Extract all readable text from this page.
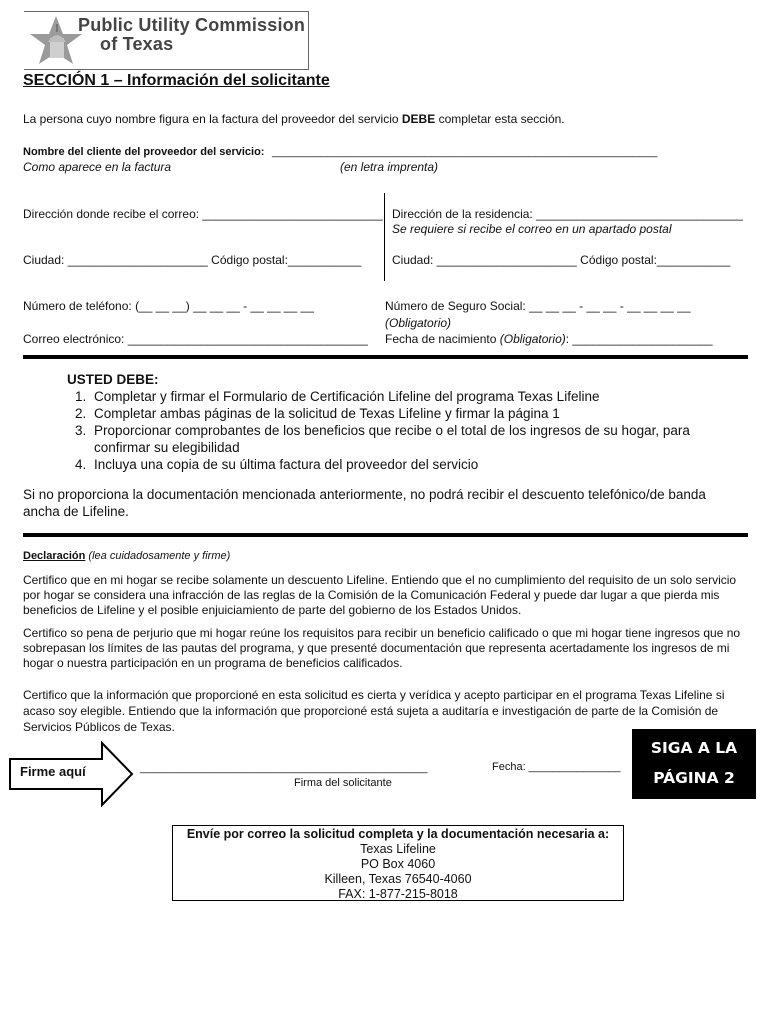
Public Utility Commission
of Texas
SECCIÓN 1 – Información del solicitante
La persona cuyo nombre figura en la factura del proveedor del servicio DEBE completar esta sección.
Nombre del cliente del proveedor del servicio: _______________________________________________________________
Como aparece en la factura	(en letra imprenta)
Dirección donde recibe el correo: ___________________________ Dirección de la residencia: _______________________________
Se requiere si recibe el correo en un apartado postal
Ciudad: _____________________ Código postal:___________	Ciudad: _____________________ Código postal:___________
Número de teléfono: (__ __ __) __ __ __ - __ __ __ __	Número de Seguro Social: __ __ __ - __ __ - __ __ __ __
(Obligatorio)
Correo electrónico: ____________________________________ Fecha de nacimiento (Obligatorio): _____________________
USTED DEBE:
1. Completar y firmar el Formulario de Certificación Lifeline del programa Texas Lifeline
2. Completar ambas páginas de la solicitud de Texas Lifeline y firmar la página 1
3. Proporcionar comprobantes de los beneficios que recibe o el total de los ingresos de su hogar, para confirmar su elegibilidad
4. Incluya una copia de su última factura del proveedor del servicio
Si no proporciona la documentación mencionada anteriormente, no podrá recibir el descuento telefónico/de banda ancha de Lifeline.
Declaración (lea cuidadosamente y firme)
Certifico que en mi hogar se recibe solamente un descuento Lifeline. Entiendo que el no cumplimiento del requisito de un solo servicio por hogar se considera una infracción de las reglas de la Comisión de la Comunicación Federal y puede dar lugar a que pierda mis beneficios de Lifeline y el posible enjuiciamiento de parte del gobierno de los Estados Unidos.
Certifico so pena de perjurio que mi hogar reúne los requisitos para recibir un beneficio calificado o que mi hogar tiene ingresos que no sobrepasan los límites de las pautas del programa, y que presenté documentación que representa acertadamente los ingresos de mi hogar o nuestra participación en un programa de beneficios calificados.
Certifico que la información que proporcioné en esta solicitud es cierta y verídica y acepto participar en el programa Texas Lifeline si acaso soy elegible. Entiendo que la información que proporcioné está sujeta a auditaría e investigación de parte de la Comisión de Servicios Públicos de Texas.
Firme aquí	_______________________________________________
Firma del solicitante
Fecha: _______________
SIGA A LA
PÁGINA 2
Envíe por correo la solicitud completa y la documentación necesaria a:
Texas Lifeline
PO Box 4060
Killeen, Texas 76540-4060
FAX: 1-877-215-8018
